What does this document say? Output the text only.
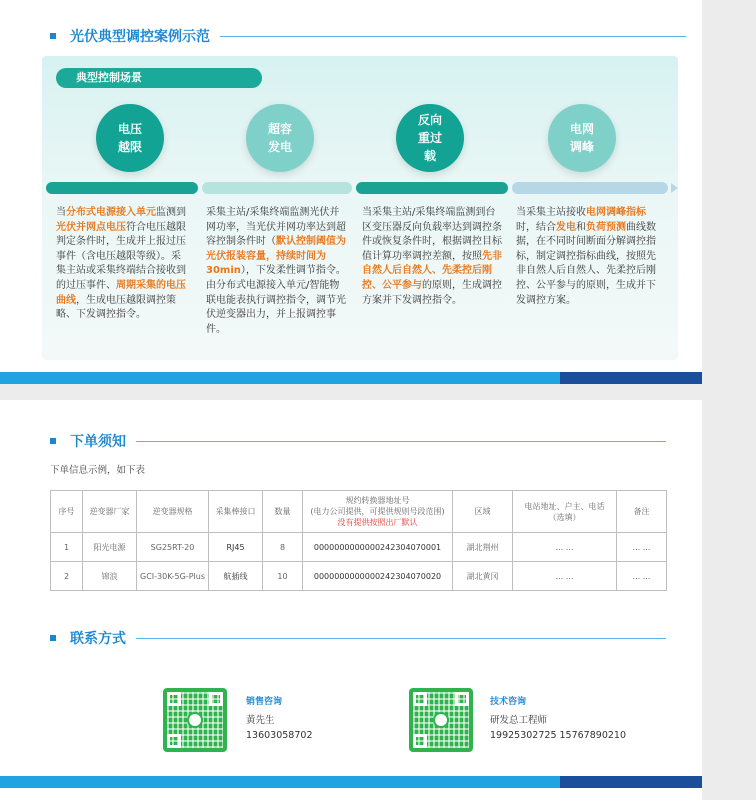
光伏典型调控案例示范
典型控制场景
电压
越限
超容
发电
反向
重过
载
电网
调峰
当分布式电源接入单元监测到光伏并网点电压符合电压越限判定条件时，生成并上报过压事件（含电压越限等级）。采集主站或采集终端结合接收到的过压事件、周期采集的电压曲线，生成电压越限调控策略、下发调控指令。
采集主站/采集终端监测光伏并网功率，当光伏并网功率达到超容控制条件时（默认控制阈值为光伏报装容量，持续时间为30min），下发柔性调节指令。由分布式电源接入单元/智能物联电能表执行调控指令，调节光伏逆变器出力，并上报调控事件。
当采集主站/采集终端监测到台区变压器反向负载率达到调控条件或恢复条件时，根据调控目标值计算功率调控差额，按照先非自然人后自然人、先柔控后刚控、公平参与的原则，生成调控方案并下发调控指令。
当采集主站接收电网调峰指标时，结合发电和负荷预测曲线数据，在不同时间断面分解调控指标，制定调控指标曲线，按照先非自然人后自然人、先柔控后刚控、公平参与的原则，生成并下发调控方案。
下单须知
下单信息示例，如下表
序号	逆变器厂家	逆变器规格	采集棒接口	数量	规约转换器地址号
(电力公司提供，可提供规则号段范围)
没有提供按照出厂默认	区域	电站地址、户主、电话
（选填）	备注
1	阳光电源	SG25RT-20	RJ45	8	0000000000000242304070001	湖北荆州	... ...	... ...
2	锦浪	GCI-30K-5G-Plus	航插线	10	0000000000000242304070020	湖北黄冈	... ...	... ...
联系方式
销售咨询
黄先生
13603058702
技术咨询
研发总工程师
19925302725 15767890210
